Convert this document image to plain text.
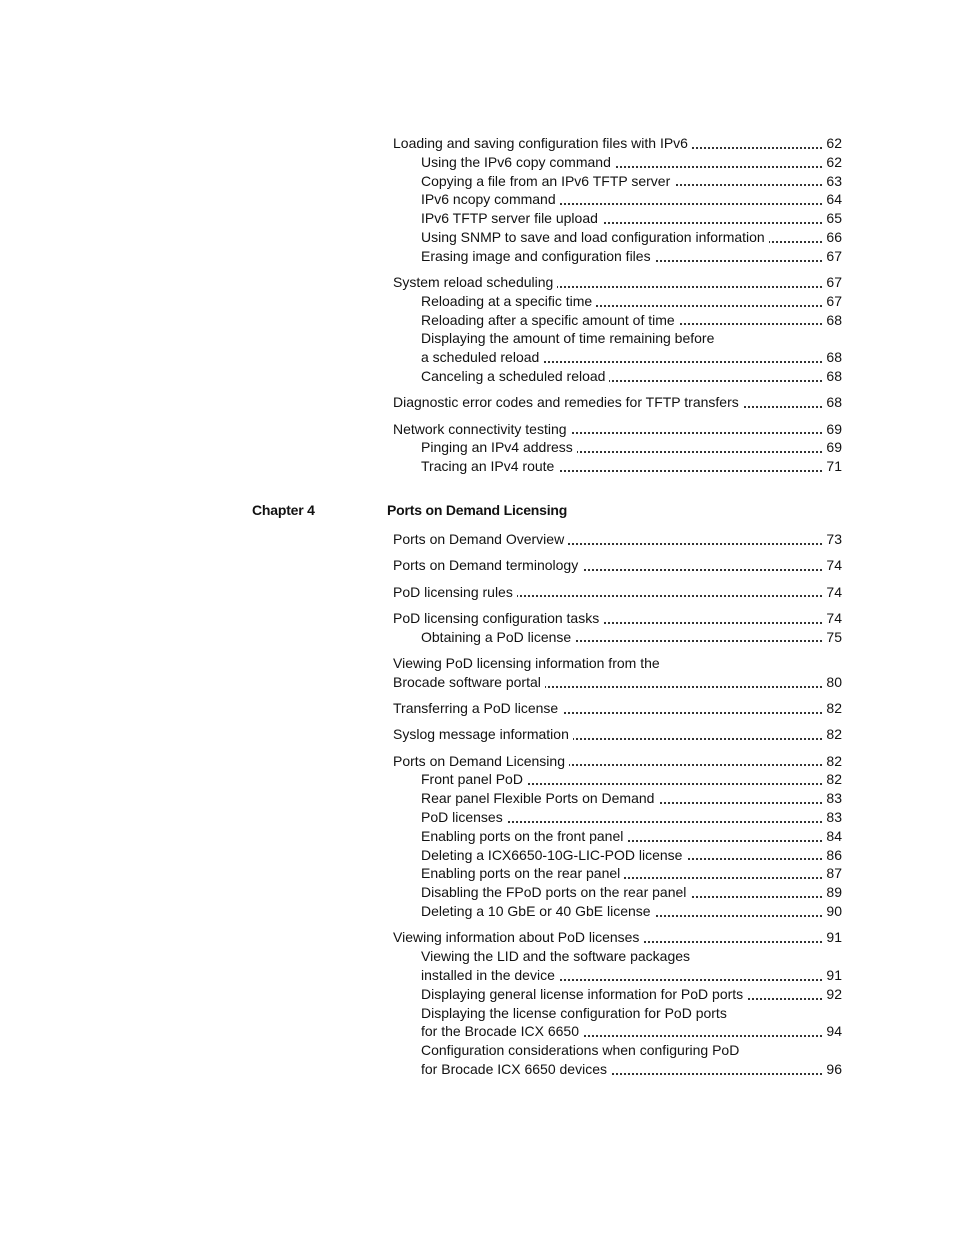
Loading and saving configuration files with IPv6	62
Using the IPv6 copy command	62
Copying a file from an IPv6 TFTP server	63
IPv6 ncopy command	64
IPv6 TFTP server file upload	65
Using SNMP to save and load configuration information	66
Erasing image and configuration files	67
System reload scheduling	67
Reloading at a specific time	67
Reloading after a specific amount of time	68
Displaying the amount of time remaining before
a scheduled reload	68
Canceling a scheduled reload	68
Diagnostic error codes and remedies for TFTP transfers	68
Network connectivity testing	69
Pinging an IPv4 address	69
Tracing an IPv4 route	71
Chapter 4	Ports on Demand Licensing
Ports on Demand Overview	73
Ports on Demand terminology	74
PoD licensing rules	74
PoD licensing configuration tasks	74
Obtaining a PoD license	75
Viewing PoD licensing information from the
Brocade software portal	80
Transferring a PoD license	82
Syslog message information	82
Ports on Demand Licensing	82
Front panel PoD	82
Rear panel Flexible Ports on Demand	83
PoD licenses	83
Enabling ports on the front panel	84
Deleting a ICX6650-10G-LIC-POD license	86
Enabling ports on the rear panel	87
Disabling the FPoD ports on the rear panel	89
Deleting a 10 GbE or 40 GbE license	90
Viewing information about PoD licenses	91
Viewing the LID and the software packages
installed in the device	91
Displaying general license information for PoD ports	92
Displaying the license configuration for PoD ports
for the Brocade ICX 6650	94
Configuration considerations when configuring PoD
for Brocade ICX 6650 devices	96
